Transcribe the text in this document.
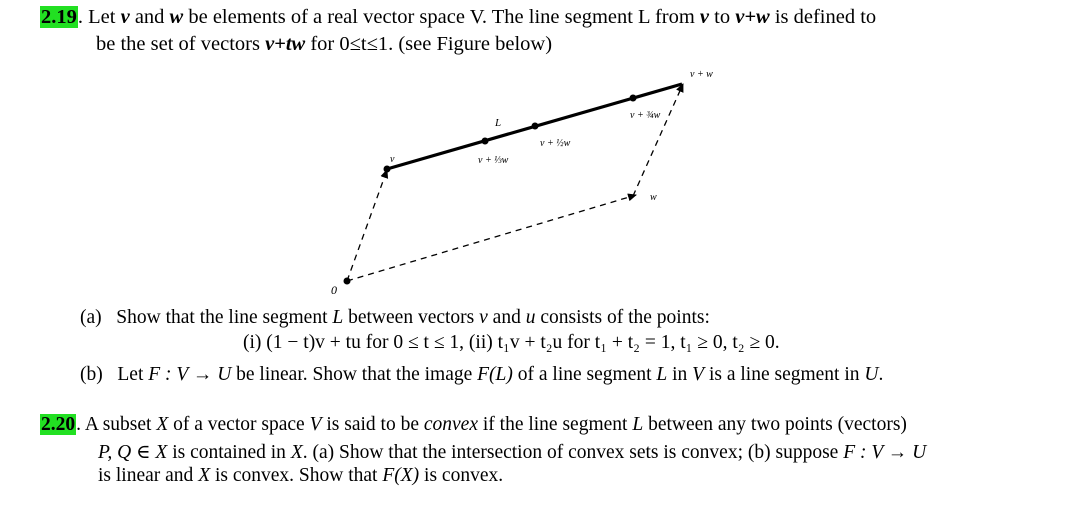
2.19. Let v and w be elements of a real vector space V. The line segment L from v to v+w is defined to
be the set of vectors v+tw for 0≤t≤1. (see Figure below)
v + w
v
L
v + ⅓w
v + ½w
v + ¾w
w
0
(a) Show that the line segment L between vectors v and u consists of the points:
(i) (1 − t)v + tu for 0 ≤ t ≤ 1, (ii) t₁v + t₂u for t₁ + t₂ = 1, t₁ ≥ 0, t₂ ≥ 0.
(b) Let F : V → U be linear. Show that the image F(L) of a line segment L in V is a line segment in U.
2.20. A subset X of a vector space V is said to be convex if the line segment L between any two points (vectors)
P, Q ∈ X is contained in X. (a) Show that the intersection of convex sets is convex; (b) suppose F : V → U
is linear and X is convex. Show that F(X) is convex.
